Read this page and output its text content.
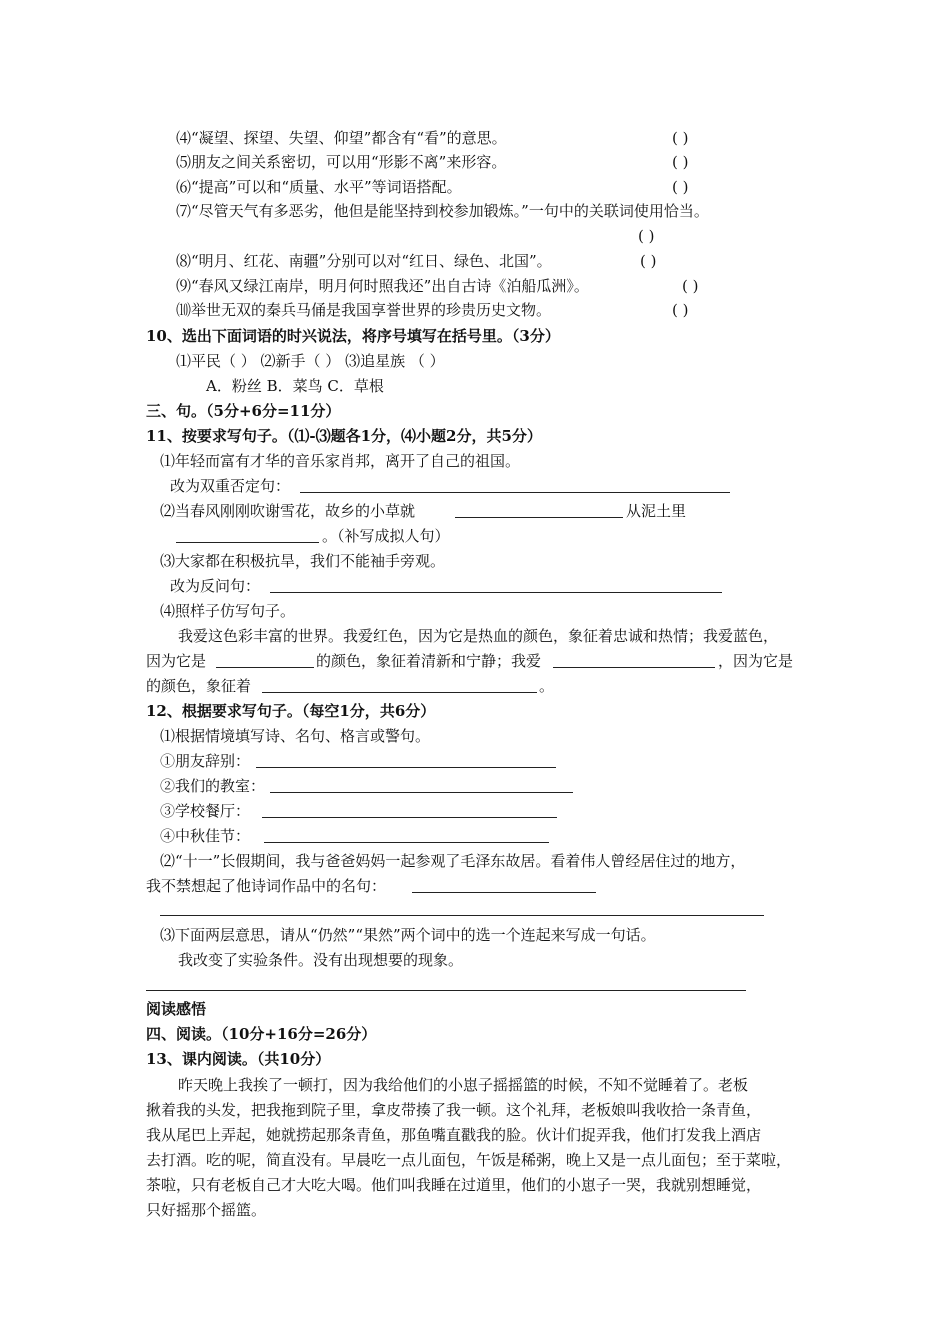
⑷“凝望、探望、失望、仰望”都含有“看”的意思。	( )
⑸朋友之间关系密切，可以用“形影不离”来形容。	( )
⑹“提高”可以和“质量、水平”等词语搭配。	( )
⑺“尽管天气有多恶劣，他但是能坚持到校参加锻炼。”一句中的关联词使用恰当。
( )
⑻“明月、红花、南疆”分别可以对“红日、绿色、北国”。	( )
⑼“春风又绿江南岸，明月何时照我还”出自古诗《泊船瓜洲》。	( )
⑽举世无双的秦兵马俑是我国享誉世界的珍贵历史文物。	( )
10、选出下面词语的时兴说法，将序号填写在括号里。（3分）
⑴平民（ ） ⑵新手（ ） ⑶追星族 （ ）
A．粉丝 B．菜鸟 C．草根
三、句。（5分+6分=11分）
11、按要求写句子。（⑴-⑶题各1分，⑷小题2分，共5分）
⑴年轻而富有才华的音乐家肖邦，离开了自己的祖国。
改为双重否定句：
⑵当春风刚刚吹谢雪花，故乡的小草就	从泥土里
。（补写成拟人句）
⑶大家都在积极抗旱，我们不能袖手旁观。
改为反问句：
⑷照样子仿写句子。
我爱这色彩丰富的世界。我爱红色，因为它是热血的颜色，象征着忠诚和热情；我爱蓝色，
因为它是	的颜色，象征着清新和宁静；我爱	，因为它是
的颜色，象征着	。
12、根据要求写句子。（每空1分，共6分）
⑴根据情境填写诗、名句、格言或警句。
①朋友辞别：
②我们的教室：
③学校餐厅：
④中秋佳节：
⑵“十一”长假期间，我与爸爸妈妈一起参观了毛泽东故居。看着伟人曾经居住过的地方，
我不禁想起了他诗词作品中的名句：
⑶下面两层意思，请从“仍然”“果然”两个词中的选一个连起来写成一句话。
我改变了实验条件。没有出现想要的现象。
阅读感悟
四、阅读。（10分+16分=26分）
13、课内阅读。（共10分）
昨天晚上我挨了一顿打，因为我给他们的小崽子摇摇篮的时候，不知不觉睡着了。老板
揪着我的头发，把我拖到院子里，拿皮带揍了我一顿。这个礼拜，老板娘叫我收拾一条青鱼，
我从尾巴上弄起，她就捞起那条青鱼，那鱼嘴直戳我的脸。伙计们捉弄我，他们打发我上酒店
去打酒。吃的呢，简直没有。早晨吃一点儿面包，午饭是稀粥，晚上又是一点儿面包；至于菜啦，
茶啦，只有老板自己才大吃大喝。他们叫我睡在过道里，他们的小崽子一哭，我就别想睡觉，
只好摇那个摇篮。
